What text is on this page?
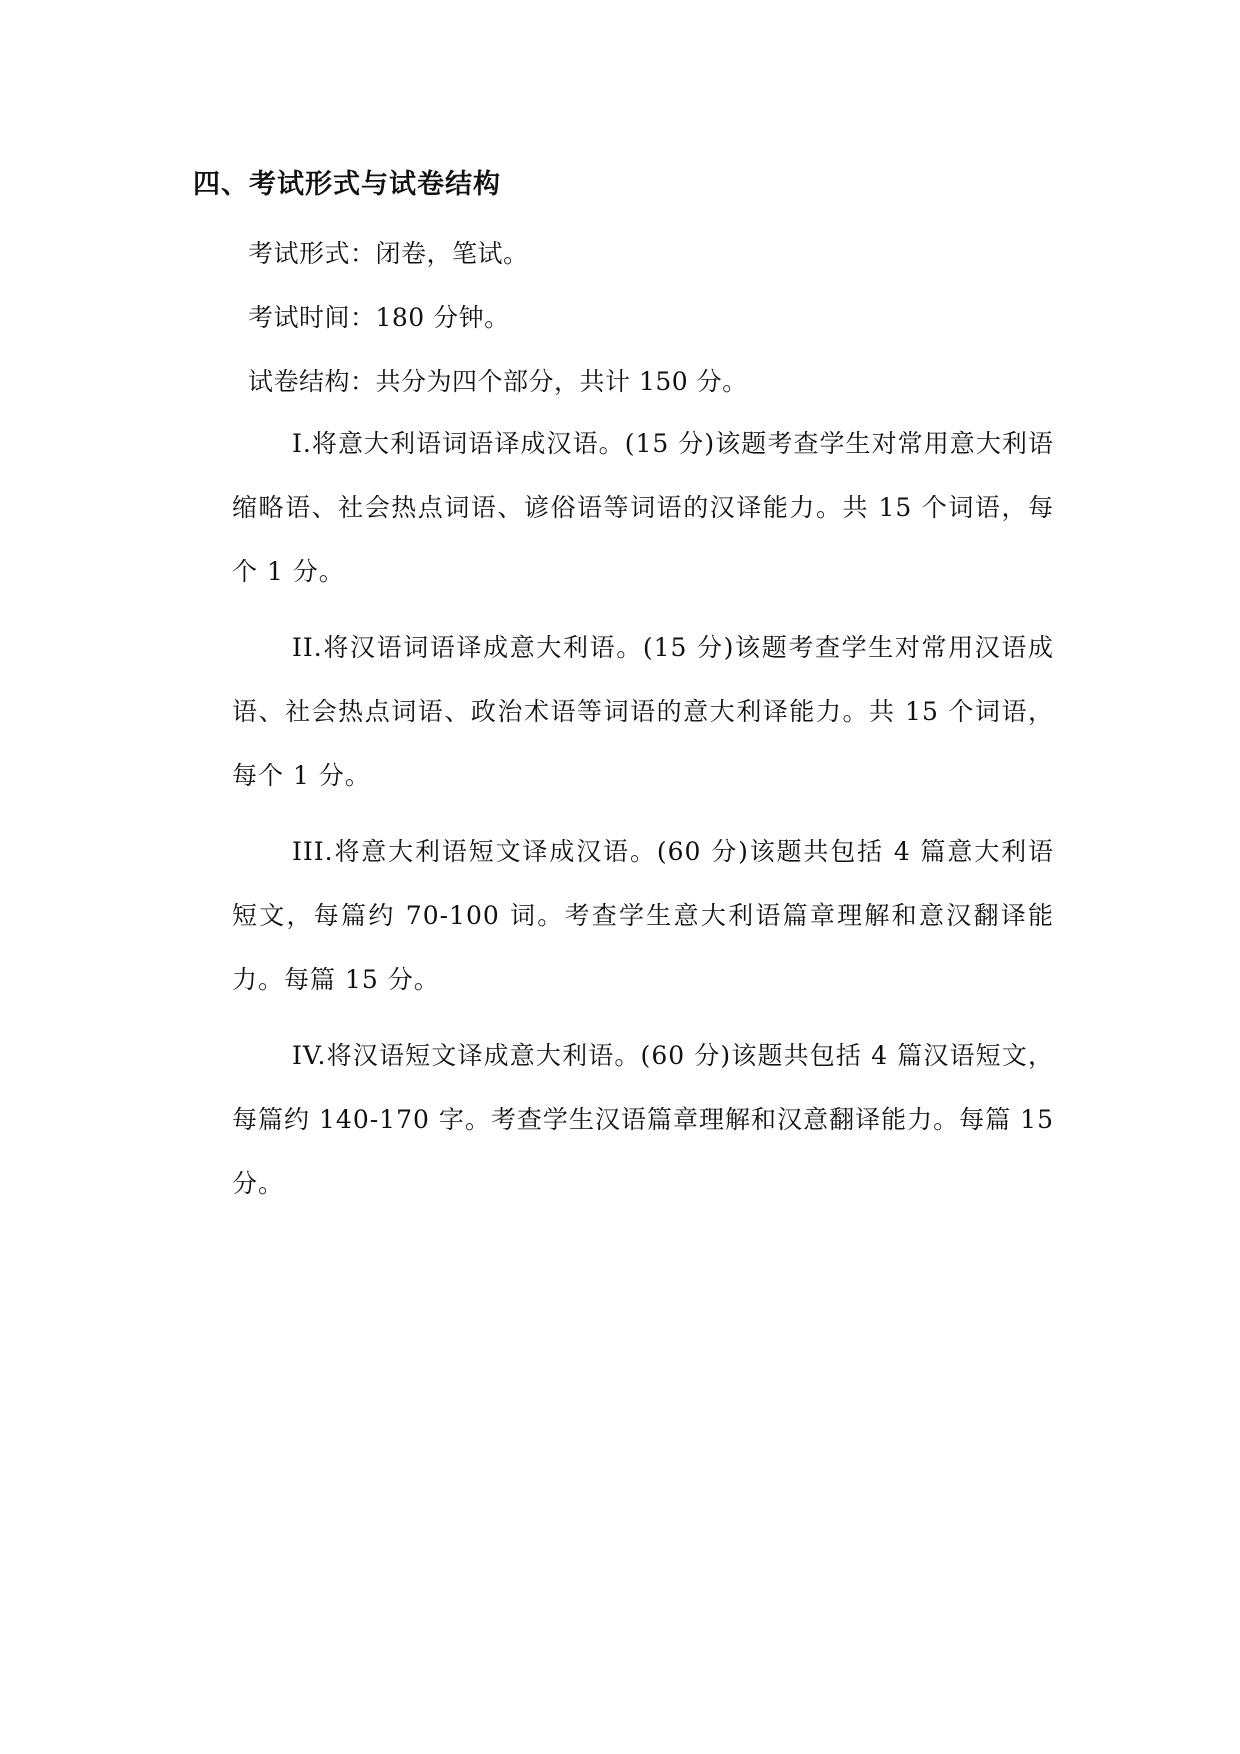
四、考试形式与试卷结构
考试形式：闭卷，笔试。
考试时间：180 分钟。
试卷结构：共分为四个部分，共计 150 分。
I.将意大利语词语译成汉语。(15 分)该题考查学生对常用意大利语缩略语、社会热点词语、谚俗语等词语的汉译能力。共 15 个词语，每个 1 分。
II.将汉语词语译成意大利语。(15 分)该题考查学生对常用汉语成语、社会热点词语、政治术语等词语的意大利译能力。共 15 个词语，每个 1 分。
III.将意大利语短文译成汉语。(60 分)该题共包括 4 篇意大利语短文，每篇约 70-100 词。考查学生意大利语篇章理解和意汉翻译能力。每篇 15 分。
IV.将汉语短文译成意大利语。(60 分)该题共包括 4 篇汉语短文，每篇约 140-170 字。考查学生汉语篇章理解和汉意翻译能力。每篇 15 分。
